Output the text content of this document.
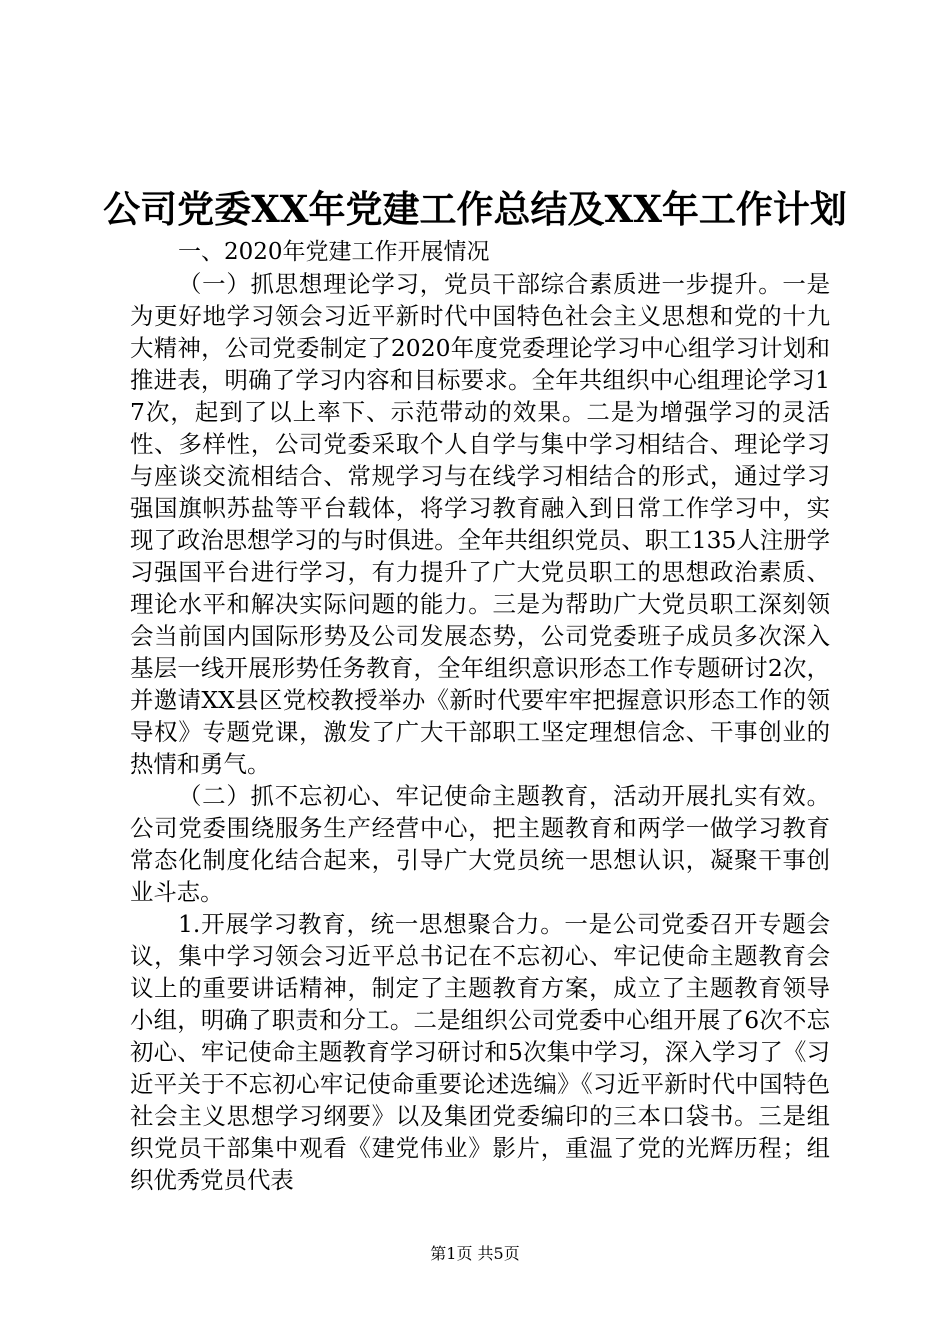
公司党委XX年党建工作总结及XX年工作计划

一、2020年党建工作开展情况

（一）抓思想理论学习，党员干部综合素质进一步提升。一是为更好地学习领会习近平新时代中国特色社会主义思想和党的十九大精神，公司党委制定了2020年度党委理论学习中心组学习计划和推进表，明确了学习内容和目标要求。全年共组织中心组理论学习17次，起到了以上率下、示范带动的效果。二是为增强学习的灵活性、多样性，公司党委采取个人自学与集中学习相结合、理论学习与座谈交流相结合、常规学习与在线学习相结合的形式，通过学习强国旗帜苏盐等平台载体，将学习教育融入到日常工作学习中，实现了政治思想学习的与时俱进。全年共组织党员、职工135人注册学习强国平台进行学习，有力提升了广大党员职工的思想政治素质、理论水平和解决实际问题的能力。三是为帮助广大党员职工深刻领会当前国内国际形势及公司发展态势，公司党委班子成员多次深入基层一线开展形势任务教育，全年组织意识形态工作专题研讨2次，并邀请XX县区党校教授举办《新时代要牢牢把握意识形态工作的领导权》专题党课，激发了广大干部职工坚定理想信念、干事创业的热情和勇气。

（二）抓不忘初心、牢记使命主题教育，活动开展扎实有效。公司党委围绕服务生产经营中心，把主题教育和两学一做学习教育常态化制度化结合起来，引导广大党员统一思想认识，凝聚干事创业斗志。

1.开展学习教育，统一思想聚合力。一是公司党委召开专题会议，集中学习领会习近平总书记在不忘初心、牢记使命主题教育会议上的重要讲话精神，制定了主题教育方案，成立了主题教育领导小组，明确了职责和分工。二是组织公司党委中心组开展了6次不忘初心、牢记使命主题教育学习研讨和5次集中学习，深入学习了《习近平关于不忘初心牢记使命重要论述选编》《习近平新时代中国特色社会主义思想学习纲要》以及集团党委编印的三本口袋书。三是组织党员干部集中观看《建党伟业》影片，重温了党的光辉历程；组织优秀党员代表

第1页 共5页
